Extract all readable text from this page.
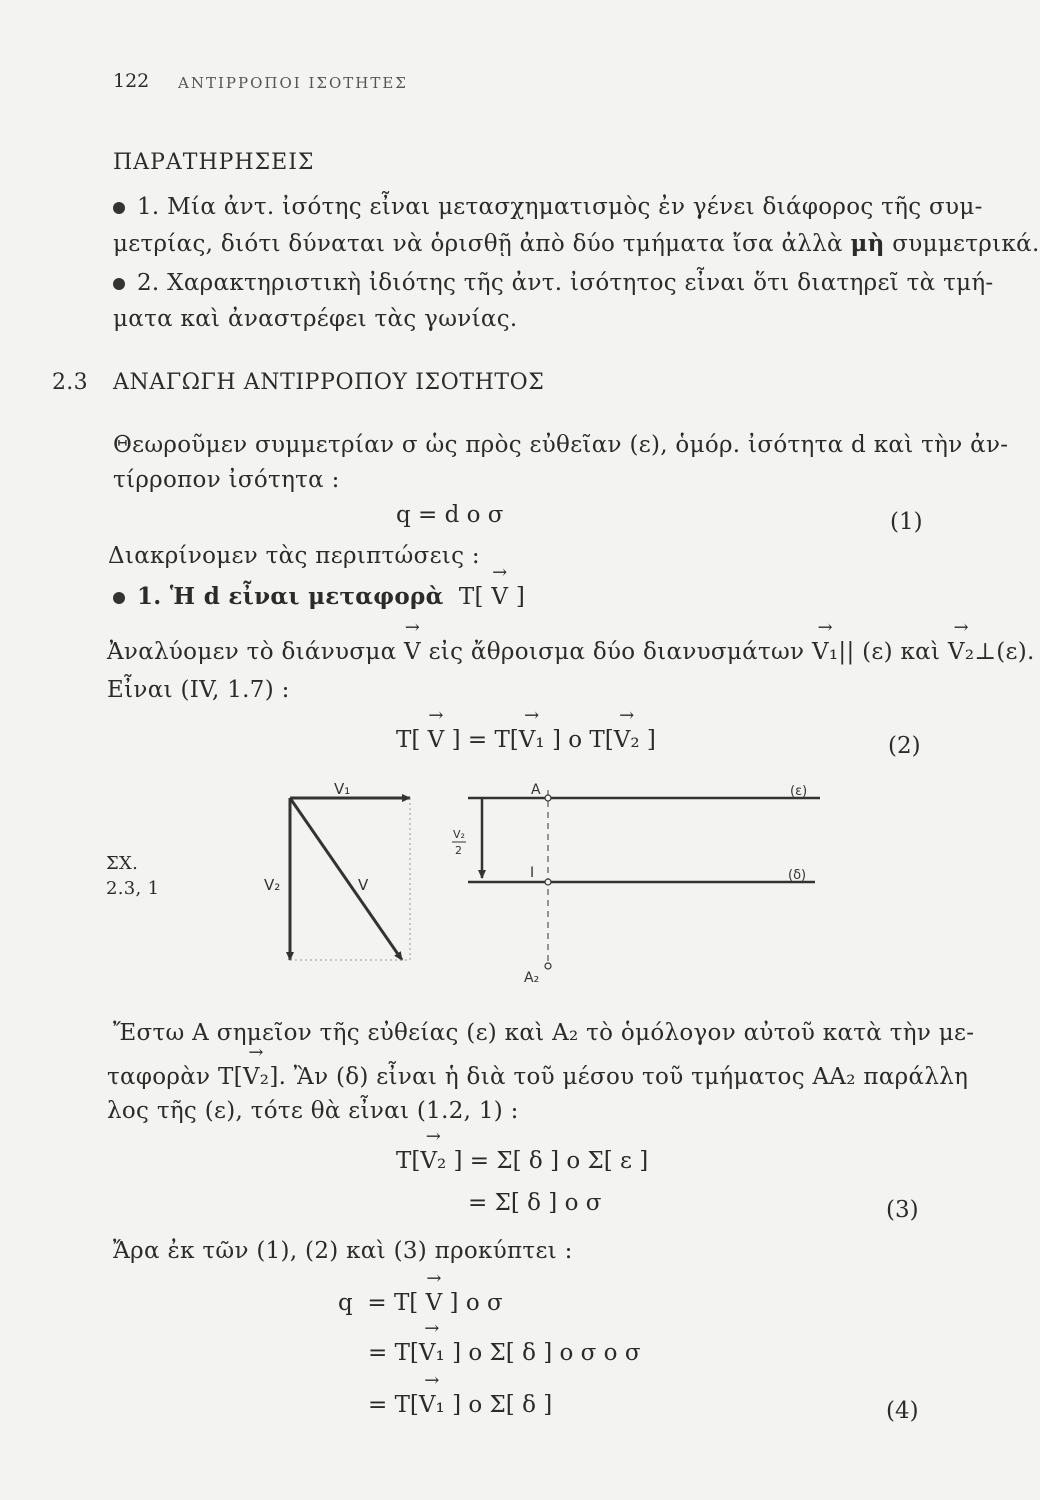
122 ΑΝΤΙΡΡΟΠΟΙ ΙΣΟΤΗΤΕΣ
ΠΑΡΑΤΗΡΗΣΕΙΣ
1. Μία ἀντ. ἰσότης εἶναι μετασχηματισμὸς ἐν γένει διάφορος τῆς συμ-
μετρίας, διότι δύναται νὰ ὁρισθῇ ἀπὸ δύο τμήματα ἴσα ἀλλὰ μὴ συμμετρικά.
2. Χαρακτηριστικὴ ἰδιότης τῆς ἀντ. ἰσότητος εἶναι ὅτι διατηρεῖ τὰ τμή-
ματα καὶ ἀναστρέφει τὰς γωνίας.
2.3 ΑΝΑΓΩΓΗ ΑΝΤΙΡΡΟΠΟΥ ΙΣΟΤΗΤΟΣ
Θεωροῦμεν συμμετρίαν σ ὡς πρὸς εὐθεῖαν (ε), ὁμόρ. ἰσότητα d καὶ τὴν ἀν-
τίρροπον ἰσότητα :
q = d ο σ	(1)
Διακρίνομεν τὰς περιπτώσεις :
1. Ἡ d εἶναι μεταφορὰ T[ → V ]
Ἀναλύομεν τὸ διάνυσμα → V εἰς ἄθροισμα δύο διανυσμάτων → V₁|| (ε) καὶ → V₂⊥(ε).
Εἶναι (IV, 1.7) :
T[ → V ] = T[→ V₁ ] ο T[→ V₂ ]	(2)
ΣΧ.
2.3, 1
V₁
V₂	V
A
I
A₂
(ε)
(δ)
V₂
2
Ἔστω A σημεῖον τῆς εὐθείας (ε) καὶ A₂ τὸ ὁμόλογον αὐτοῦ κατὰ τὴν με-
ταφορὰν T[→ V₂]. Ἂν (δ) εἶναι ἡ διὰ τοῦ μέσου τοῦ τμήματος AA₂ παράλλη
λος τῆς (ε), τότε θὰ εἶναι (1.2, 1) :
T[→ V₂ ] = Σ[ δ ] ο Σ[ ε ]
= Σ[ δ ] ο σ	(3)
Ἄρα ἐκ τῶν (1), (2) καὶ (3) προκύπτει :
q = T[ → V ] ο σ
= T[→ V₁ ] ο Σ[ δ ] ο σ ο σ
= T[→ V₁ ] ο Σ[ δ ]	(4)
